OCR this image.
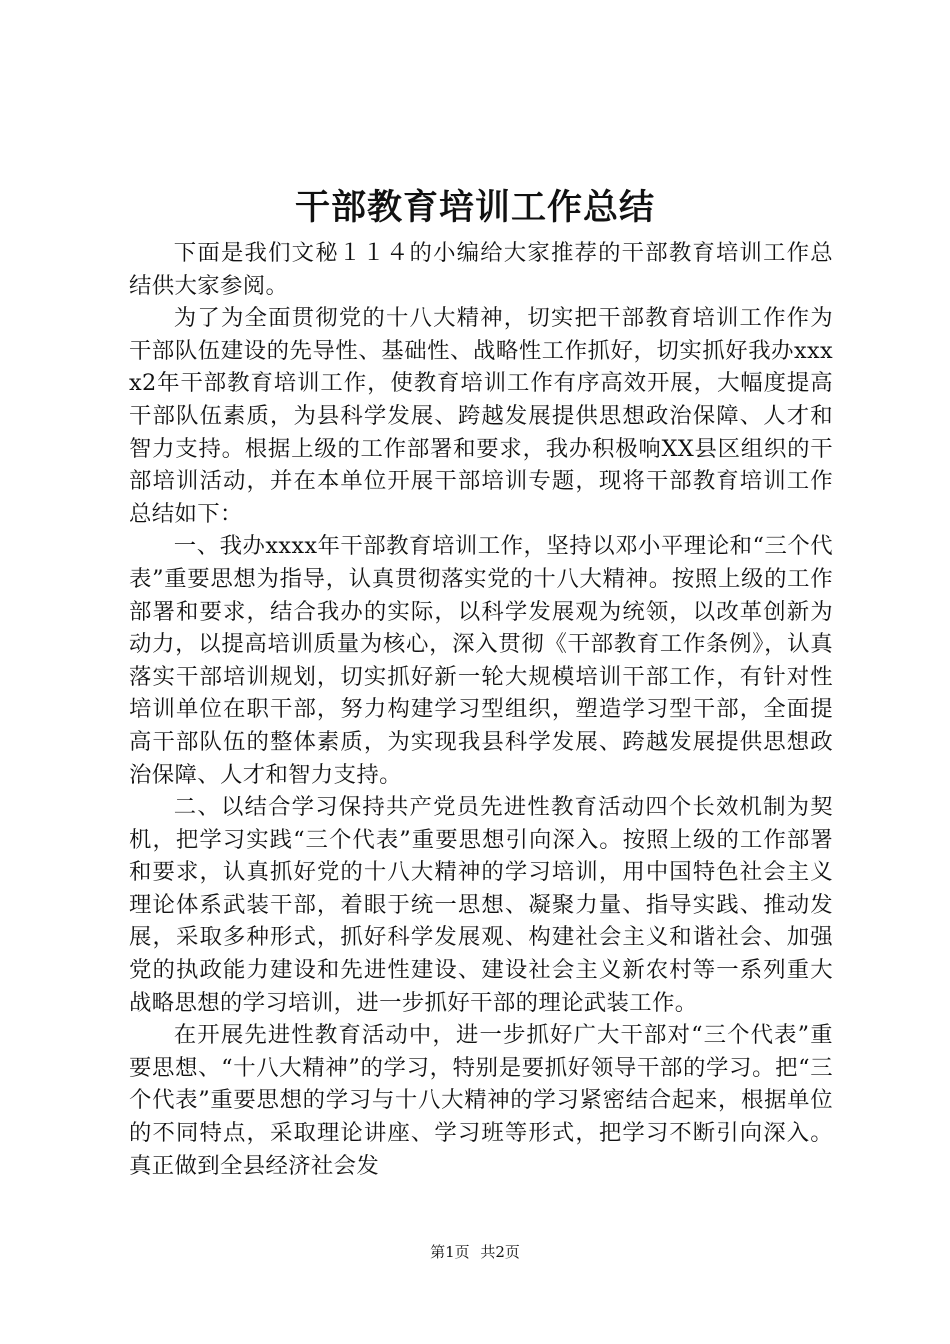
干部教育培训工作总结

下面是我们文秘１１４的小编给大家推荐的干部教育培训工作总结供大家参阅。

为了为全面贯彻党的十八大精神，切实把干部教育培训工作作为干部队伍建设的先导性、基础性、战略性工作抓好，切实抓好我办xxxx2年干部教育培训工作，使教育培训工作有序高效开展，大幅度提高干部队伍素质，为县科学发展、跨越发展提供思想政治保障、人才和智力支持。根据上级的工作部署和要求，我办积极响XX县区组织的干部培训活动，并在本单位开展干部培训专题，现将干部教育培训工作总结如下：

一、我办xxxx年干部教育培训工作，坚持以邓小平理论和“三个代表”重要思想为指导，认真贯彻落实党的十八大精神。按照上级的工作部署和要求，结合我办的实际，以科学发展观为统领，以改革创新为动力，以提高培训质量为核心，深入贯彻《干部教育工作条例》，认真落实干部培训规划，切实抓好新一轮大规模培训干部工作，有针对性培训单位在职干部，努力构建学习型组织，塑造学习型干部，全面提高干部队伍的整体素质，为实现我县科学发展、跨越发展提供思想政治保障、人才和智力支持。

二、以结合学习保持共产党员先进性教育活动四个长效机制为契机，把学习实践“三个代表”重要思想引向深入。按照上级的工作部署和要求，认真抓好党的十八大精神的学习培训，用中国特色社会主义理论体系武装干部，着眼于统一思想、凝聚力量、指导实践、推动发展，采取多种形式，抓好科学发展观、构建社会主义和谐社会、加强党的执政能力建设和先进性建设、建设社会主义新农村等一系列重大战略思想的学习培训，进一步抓好干部的理论武装工作。

在开展先进性教育活动中，进一步抓好广大干部对“三个代表”重要思想、“十八大精神”的学习，特别是要抓好领导干部的学习。把“三个代表”重要思想的学习与十八大精神的学习紧密结合起来，根据单位的不同特点，采取理论讲座、学习班等形式，把学习不断引向深入。真正做到全县经济社会发

第1页 共2页
